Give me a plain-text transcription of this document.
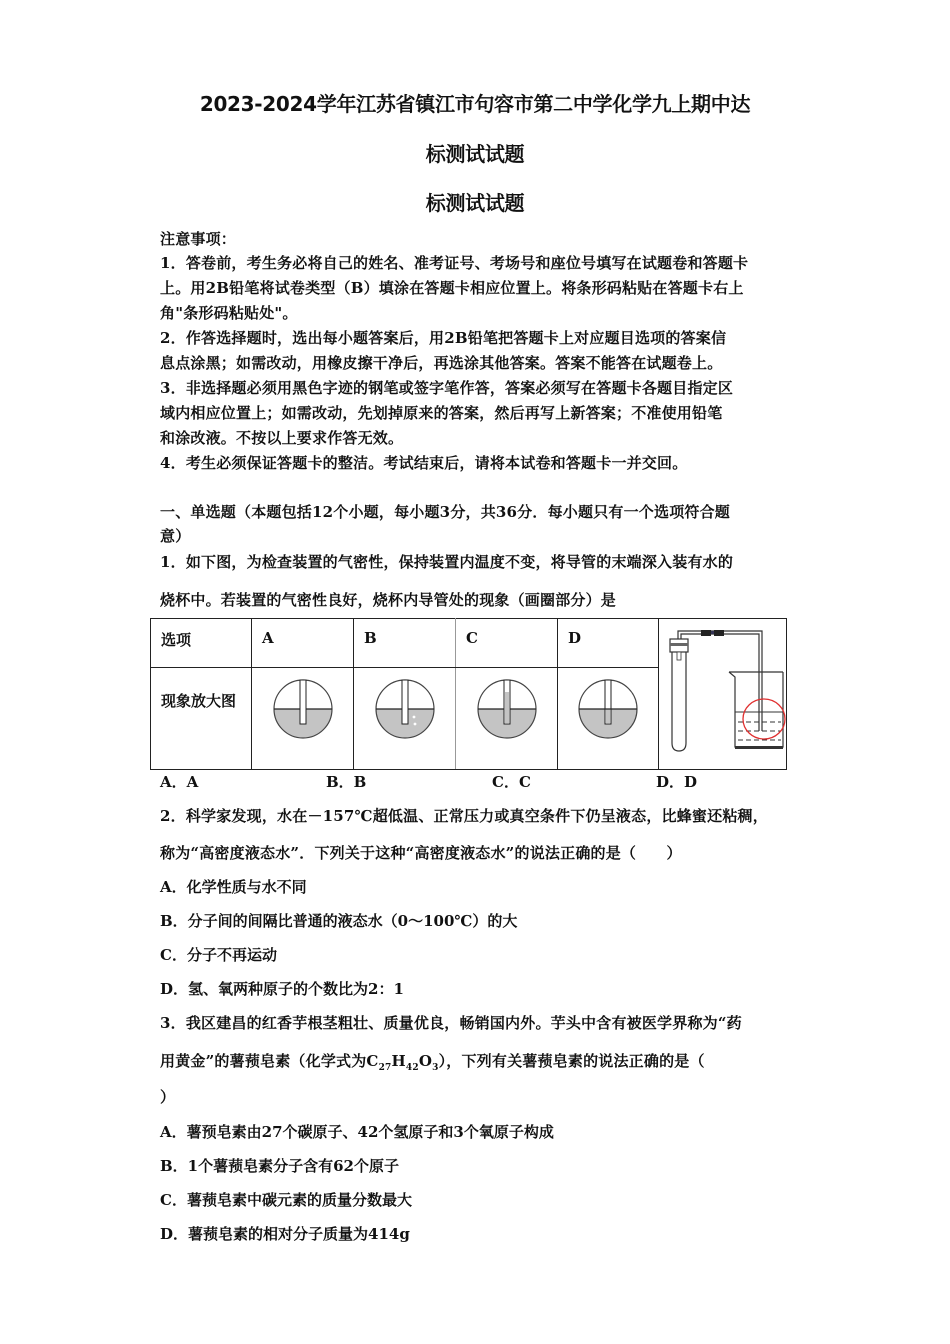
2023-2024学年江苏省镇江市句容市第二中学化学九上期中达
标测试试题
标测试试题
注意事项：
1．答卷前，考生务必将自己的姓名、准考证号、考场号和座位号填写在试题卷和答题卡
上。用2B铅笔将试卷类型（B）填涂在答题卡相应位置上。将条形码粘贴在答题卡右上
角"条形码粘贴处"。
2．作答选择题时，选出每小题答案后，用2B铅笔把答题卡上对应题目选项的答案信
息点涂黑；如需改动，用橡皮擦干净后，再选涂其他答案。答案不能答在试题卷上。
3．非选择题必须用黑色字迹的钢笔或签字笔作答，答案必须写在答题卡各题目指定区
域内相应位置上；如需改动，先划掉原来的答案，然后再写上新答案；不准使用铅笔
和涂改液。不按以上要求作答无效。
4．考生必须保证答题卡的整洁。考试结束后，请将本试卷和答题卡一并交回。
一、单选题（本题包括12个小题，每小题3分，共36分．每小题只有一个选项符合题
意）
1．如下图，为检查装置的气密性，保持装置内温度不变，将导管的末端深入装有水的
烧杯中。若装置的气密性良好，烧杯内导管处的现象（画圈部分）是
选项	A	B	C	D

现象放大图

A．A	B．B	C．C	D．D
2．科学家发现，水在－157℃超低温、正常压力或真空条件下仍呈液态，比蜂蜜还粘稠，
称为“高密度液态水”．下列关于这种“高密度液态水”的说法正确的是（　　）
A．化学性质与水不同
B．分子间的间隔比普通的液态水（0～100℃）的大
C．分子不再运动
D．氢、氧两种原子的个数比为2：1
3．我区建昌的红香芋根茎粗壮、质量优良，畅销国内外。芋头中含有被医学界称为“药
用黄金”的薯蓣皂素（化学式为$C_{27}H_{42}O_3$），下列有关薯蓣皂素的说法正确的是（
）
A．薯预皂素由27个碳原子、42个氢原子和3个氧原子构成
B．1个薯蓣皂素分子含有62个原子
C．薯蓣皂素中碳元素的质量分数最大
D．薯蓣皂素的相对分子质量为414g
